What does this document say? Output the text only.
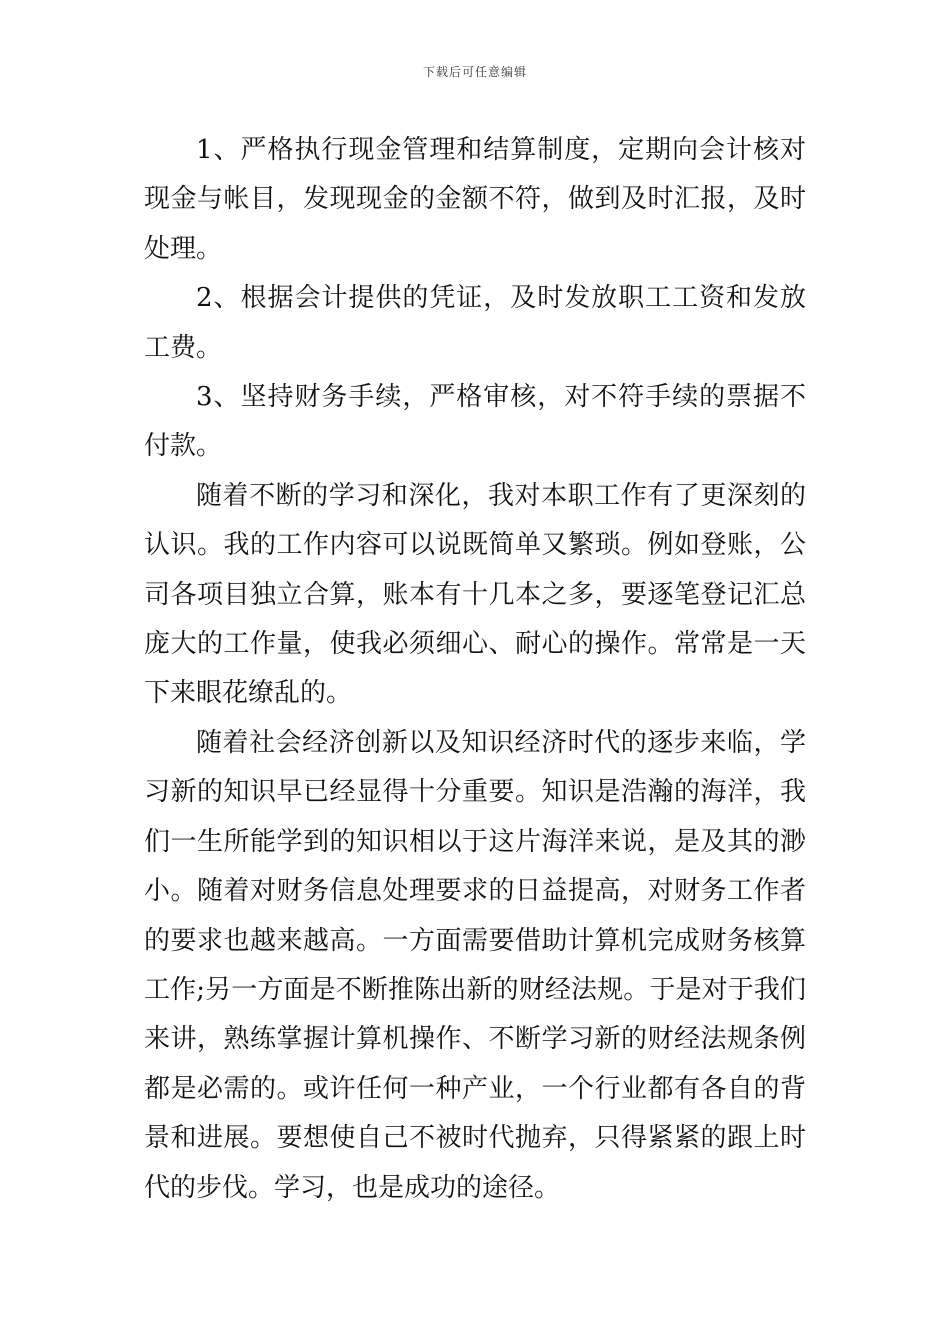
下载后可任意编辑

1、严格执行现金管理和结算制度，定期向会计核对现金与帐目，发现现金的金额不符，做到及时汇报，及时处理。

2、根据会计提供的凭证，及时发放职工工资和发放工费。

3、坚持财务手续，严格审核，对不符手续的票据不付款。

随着不断的学习和深化，我对本职工作有了更深刻的认识。我的工作内容可以说既简单又繁琐。例如登账，公司各项目独立合算，账本有十几本之多，要逐笔登记汇总庞大的工作量，使我必须细心、耐心的操作。常常是一天下来眼花缭乱的。

随着社会经济创新以及知识经济时代的逐步来临，学习新的知识早已经显得十分重要。知识是浩瀚的海洋，我们一生所能学到的知识相以于这片海洋来说，是及其的渺小。随着对财务信息处理要求的日益提高，对财务工作者的要求也越来越高。一方面需要借助计算机完成财务核算工作;另一方面是不断推陈出新的财经法规。于是对于我们来讲，熟练掌握计算机操作、不断学习新的财经法规条例都是必需的。或许任何一种产业，一个行业都有各自的背景和进展。要想使自己不被时代抛弃，只得紧紧的跟上时代的步伐。学习，也是成功的途径。
